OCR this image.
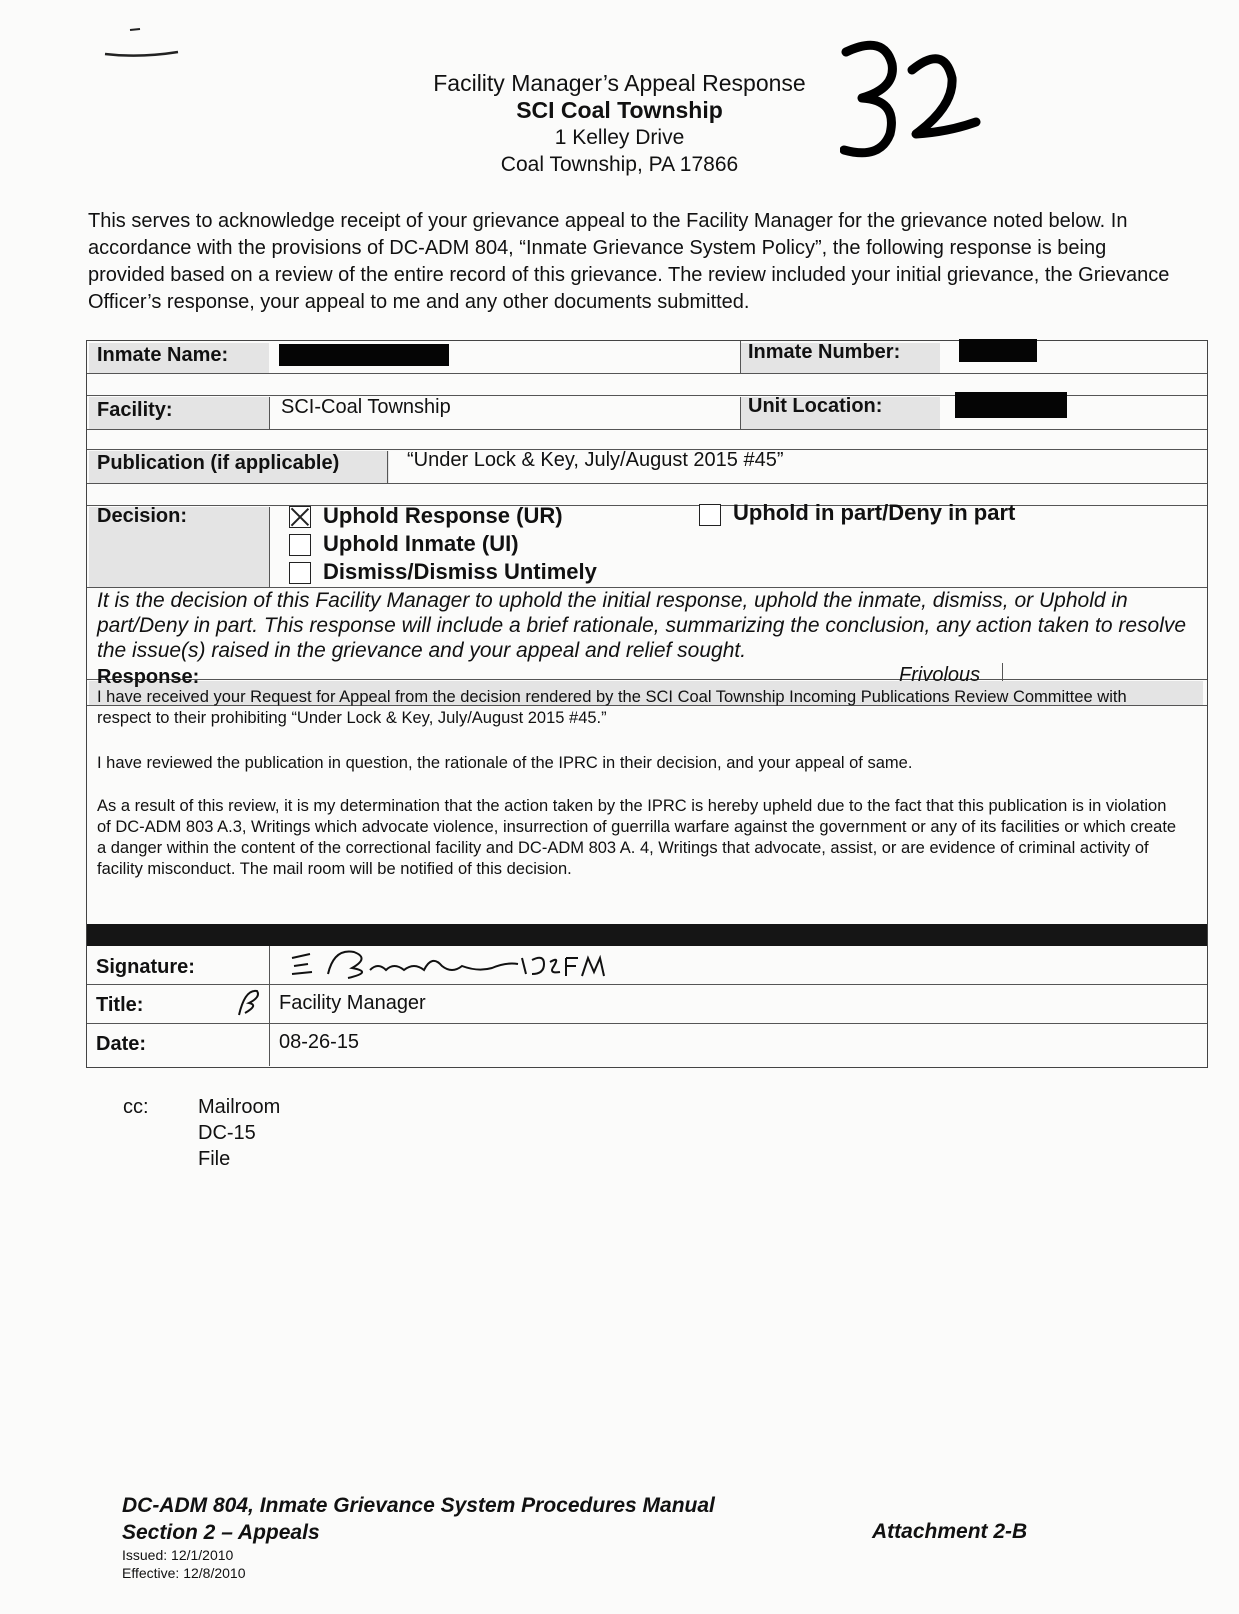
Facility Manager’s Appeal Response
SCI Coal Township
1 Kelley Drive
Coal Township, PA 17866
This serves to acknowledge receipt of your grievance appeal to the Facility Manager for the grievance noted below. In accordance with the provisions of DC-ADM 804, “Inmate Grievance System Policy”, the following response is being provided based on a review of the entire record of this grievance. The review included your initial grievance, the Grievance Officer’s response, your appeal to me and any other documents submitted.
Inmate Name:	Inmate Number:
Facility:	SCI-Coal Township	Unit Location:
Publication (if applicable)	“Under Lock & Key, July/August 2015 #45”
Decision:	Uphold Response (UR)
Uphold Inmate (UI)
Dismiss/Dismiss Untimely
Uphold in part/Deny in part
It is the decision of this Facility Manager to uphold the initial response, uphold the inmate, dismiss, or Uphold in part/Deny in part. This response will include a brief rationale, summarizing the conclusion, any action taken to resolve the issue(s) raised in the grievance and your appeal and relief sought.
Response:	Frivolous
I have received your Request for Appeal from the decision rendered by the SCI Coal Township Incoming Publications Review Committee with respect to their prohibiting “Under Lock & Key, July/August 2015 #45.”
I have reviewed the publication in question, the rationale of the IPRC in their decision, and your appeal of same.
As a result of this review, it is my determination that the action taken by the IPRC is hereby upheld due to the fact that this publication is in violation of DC-ADM 803 A.3, Writings which advocate violence, insurrection of guerrilla warfare against the government or any of its facilities or which create a danger within the content of the correctional facility and DC-ADM 803 A. 4, Writings that advocate, assist, or are evidence of criminal activity of facility misconduct. The mail room will be notified of this decision.
Signature:
Title:	Facility Manager
Date:	08-26-15
cc: Mailroom
DC-15
File
DC-ADM 804, Inmate Grievance System Procedures Manual
Section 2 – Appeals
Issued: 12/1/2010
Effective: 12/8/2010
Attachment 2-B
